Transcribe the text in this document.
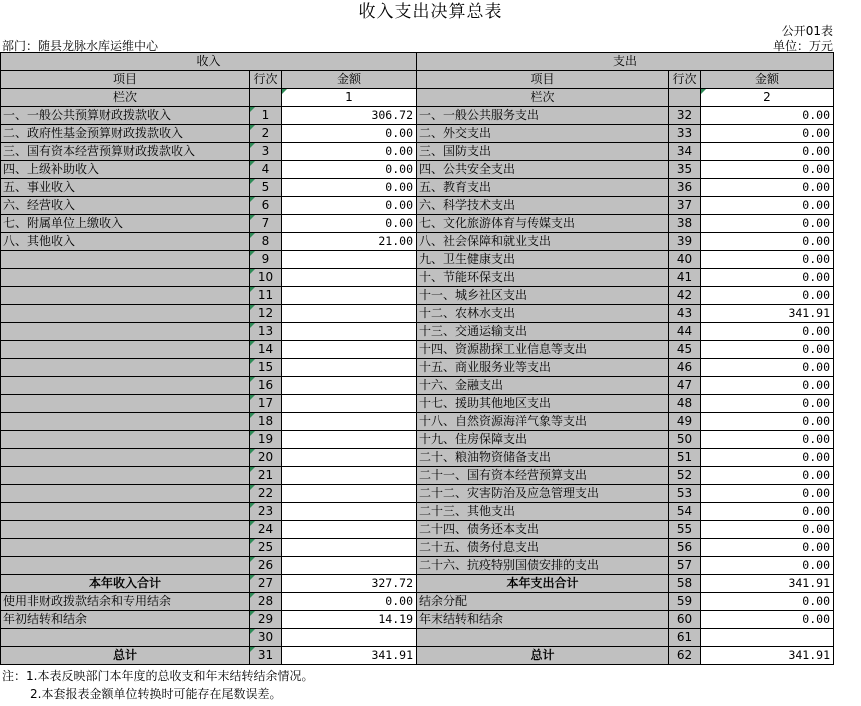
收入支出决算总表
公开01表
部门：随县龙脉水库运维中心	单位：万元
收入			支出		
项目	行次	金额	项目	行次	金额
栏次		1	栏次		2
一、一般公共预算财政拨款收入	1	306.72	一、一般公共服务支出	32	0.00
二、政府性基金预算财政拨款收入	2	0.00	二、外交支出	33	0.00
三、国有资本经营预算财政拨款收入	3	0.00	三、国防支出	34	0.00
四、上级补助收入	4	0.00	四、公共安全支出	35	0.00
五、事业收入	5	0.00	五、教育支出	36	0.00
六、经营收入	6	0.00	六、科学技术支出	37	0.00
七、附属单位上缴收入	7	0.00	七、文化旅游体育与传媒支出	38	0.00
八、其他收入	8	21.00	八、社会保障和就业支出	39	0.00
	9		九、卫生健康支出	40	0.00
	10		十、节能环保支出	41	0.00
	11		十一、城乡社区支出	42	0.00
	12		十二、农林水支出	43	341.91
	13		十三、交通运输支出	44	0.00
	14		十四、资源勘探工业信息等支出	45	0.00
	15		十五、商业服务业等支出	46	0.00
	16		十六、金融支出	47	0.00
	17		十七、援助其他地区支出	48	0.00
	18		十八、自然资源海洋气象等支出	49	0.00
	19		十九、住房保障支出	50	0.00
	20		二十、粮油物资储备支出	51	0.00
	21		二十一、国有资本经营预算支出	52	0.00
	22		二十二、灾害防治及应急管理支出	53	0.00
	23		二十三、其他支出	54	0.00
	24		二十四、债务还本支出	55	0.00
	25		二十五、债务付息支出	56	0.00
	26		二十六、抗疫特别国债安排的支出	57	0.00
本年收入合计	27	327.72	本年支出合计	58	341.91
使用非财政拨款结余和专用结余	28	0.00	结余分配	59	0.00
年初结转和结余	29	14.19	年末结转和结余	60	0.00
	30			61	
总计	31	341.91	总计	62	341.91
注：1.本表反映部门本年度的总收支和年末结转结余情况。
2.本套报表金额单位转换时可能存在尾数误差。
